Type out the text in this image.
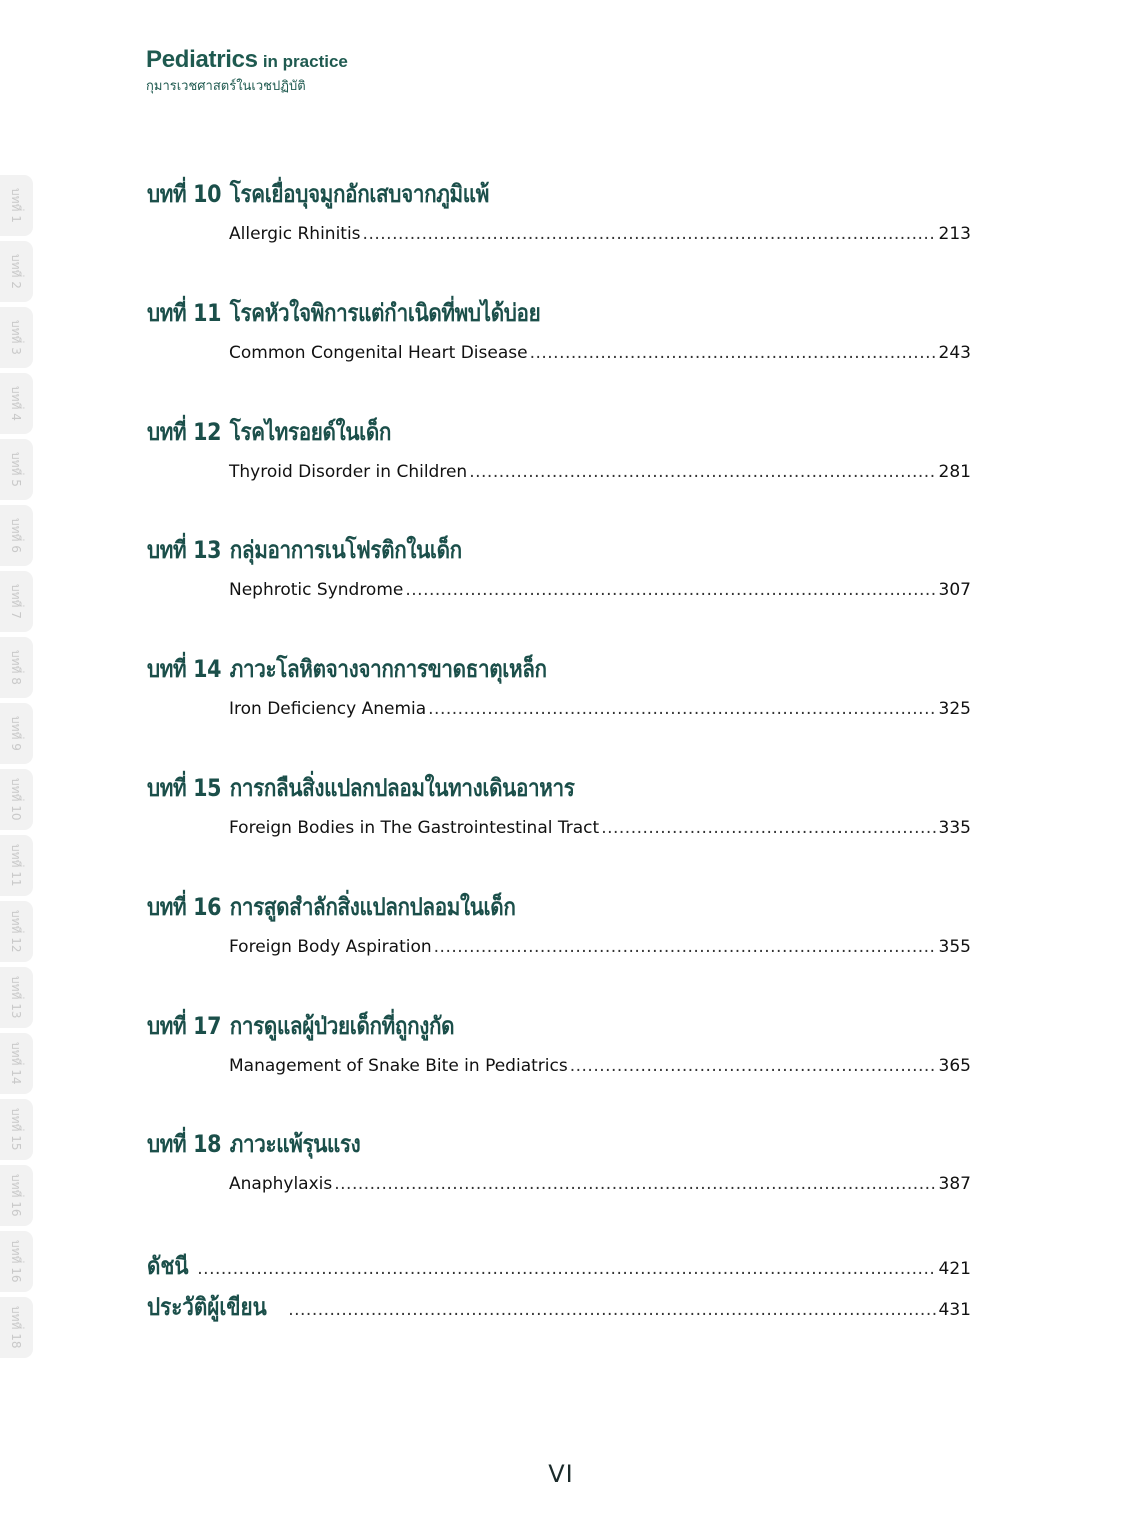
Pediatrics in practice
กุมารเวชศาสตร์ในเวชปฏิบัติ
บทที่ 1
บทที่ 2
บทที่ 3
บทที่ 4
บทที่ 5
บทที่ 6
บทที่ 7
บทที่ 8
บทที่ 9
บทที่ 10
บทที่ 11
บทที่ 12
บทที่ 13
บทที่ 14
บทที่ 15
บทที่ 16
บทที่ 16
บทที่ 18
บทที่ 10 โรคเยื่อบุจมูกอักเสบจากภูมิแพ้
Allergic Rhinitis .....	213
บทที่ 11 โรคหัวใจพิการแต่กำเนิดที่พบได้บ่อย
Common Congenital Heart Disease .....	243
บทที่ 12 โรคไทรอยด์ในเด็ก
Thyroid Disorder in Children .....	281
บทที่ 13 กลุ่มอาการเนโฟรติกในเด็ก
Nephrotic Syndrome .....	307
บทที่ 14 ภาวะโลหิตจางจากการขาดธาตุเหล็ก
Iron Deficiency Anemia .....	325
บทที่ 15 การกลืนสิ่งแปลกปลอมในทางเดินอาหาร
Foreign Bodies in The Gastrointestinal Tract .....	335
บทที่ 16 การสูดสำลักสิ่งแปลกปลอมในเด็ก
Foreign Body Aspiration .....	355
บทที่ 17 การดูแลผู้ป่วยเด็กที่ถูกงูกัด
Management of Snake Bite in Pediatrics .....	365
บทที่ 18 ภาวะแพ้รุนแรง
Anaphylaxis .....	387
ดัชนี .....	421
ประวัติผู้เขียน .....	431
VI
